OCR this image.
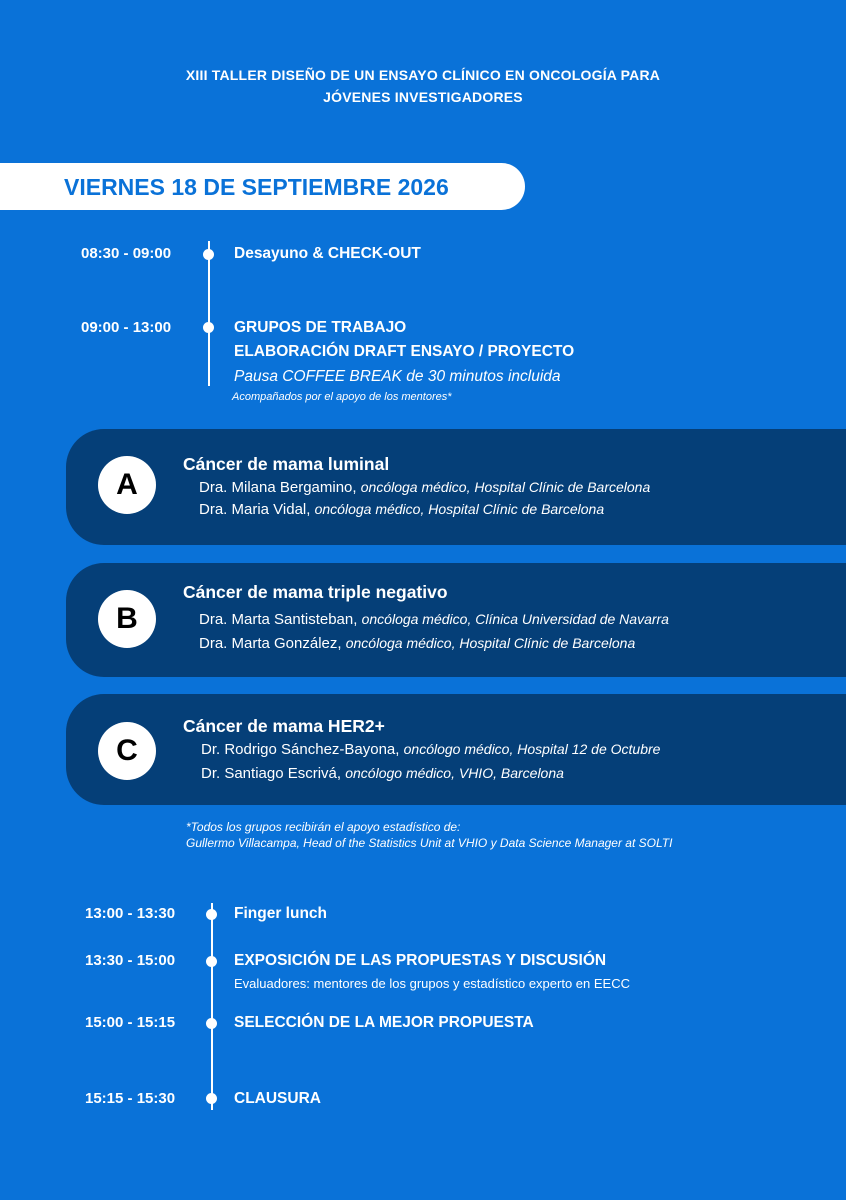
XIII TALLER DISEÑO DE UN ENSAYO CLÍNICO EN ONCOLOGÍA PARA
JÓVENES INVESTIGADORES
VIERNES 18 DE SEPTIEMBRE 2026
08:30 - 09:00	Desayuno & CHECK-OUT
09:00 - 13:00	GRUPOS DE TRABAJO
ELABORACIÓN DRAFT ENSAYO / PROYECTO
Pausa COFFEE BREAK de 30 minutos incluida
Acompañados por el apoyo de los mentores*
A
Cáncer de mama luminal
Dra. Milana Bergamino, oncóloga médico, Hospital Clínic de Barcelona
Dra. Maria Vidal, oncóloga médico, Hospital Clínic de Barcelona
B
Cáncer de mama triple negativo
Dra. Marta Santisteban, oncóloga médico, Clínica Universidad de Navarra
Dra. Marta González, oncóloga médico, Hospital Clínic de Barcelona
C
Cáncer de mama HER2+
Dr. Rodrigo Sánchez-Bayona, oncólogo médico, Hospital 12 de Octubre
Dr. Santiago Escrivá, oncólogo médico, VHIO, Barcelona
*Todos los grupos recibirán el apoyo estadístico de:
Gullermo Villacampa, Head of the Statistics Unit at VHIO y Data Science Manager at SOLTI
13:00 - 13:30	Finger lunch
13:30 - 15:00	EXPOSICIÓN DE LAS PROPUESTAS Y DISCUSIÓN
Evaluadores: mentores de los grupos y estadístico experto en EECC
15:00 - 15:15	SELECCIÓN DE LA MEJOR PROPUESTA
15:15 - 15:30	CLAUSURA
